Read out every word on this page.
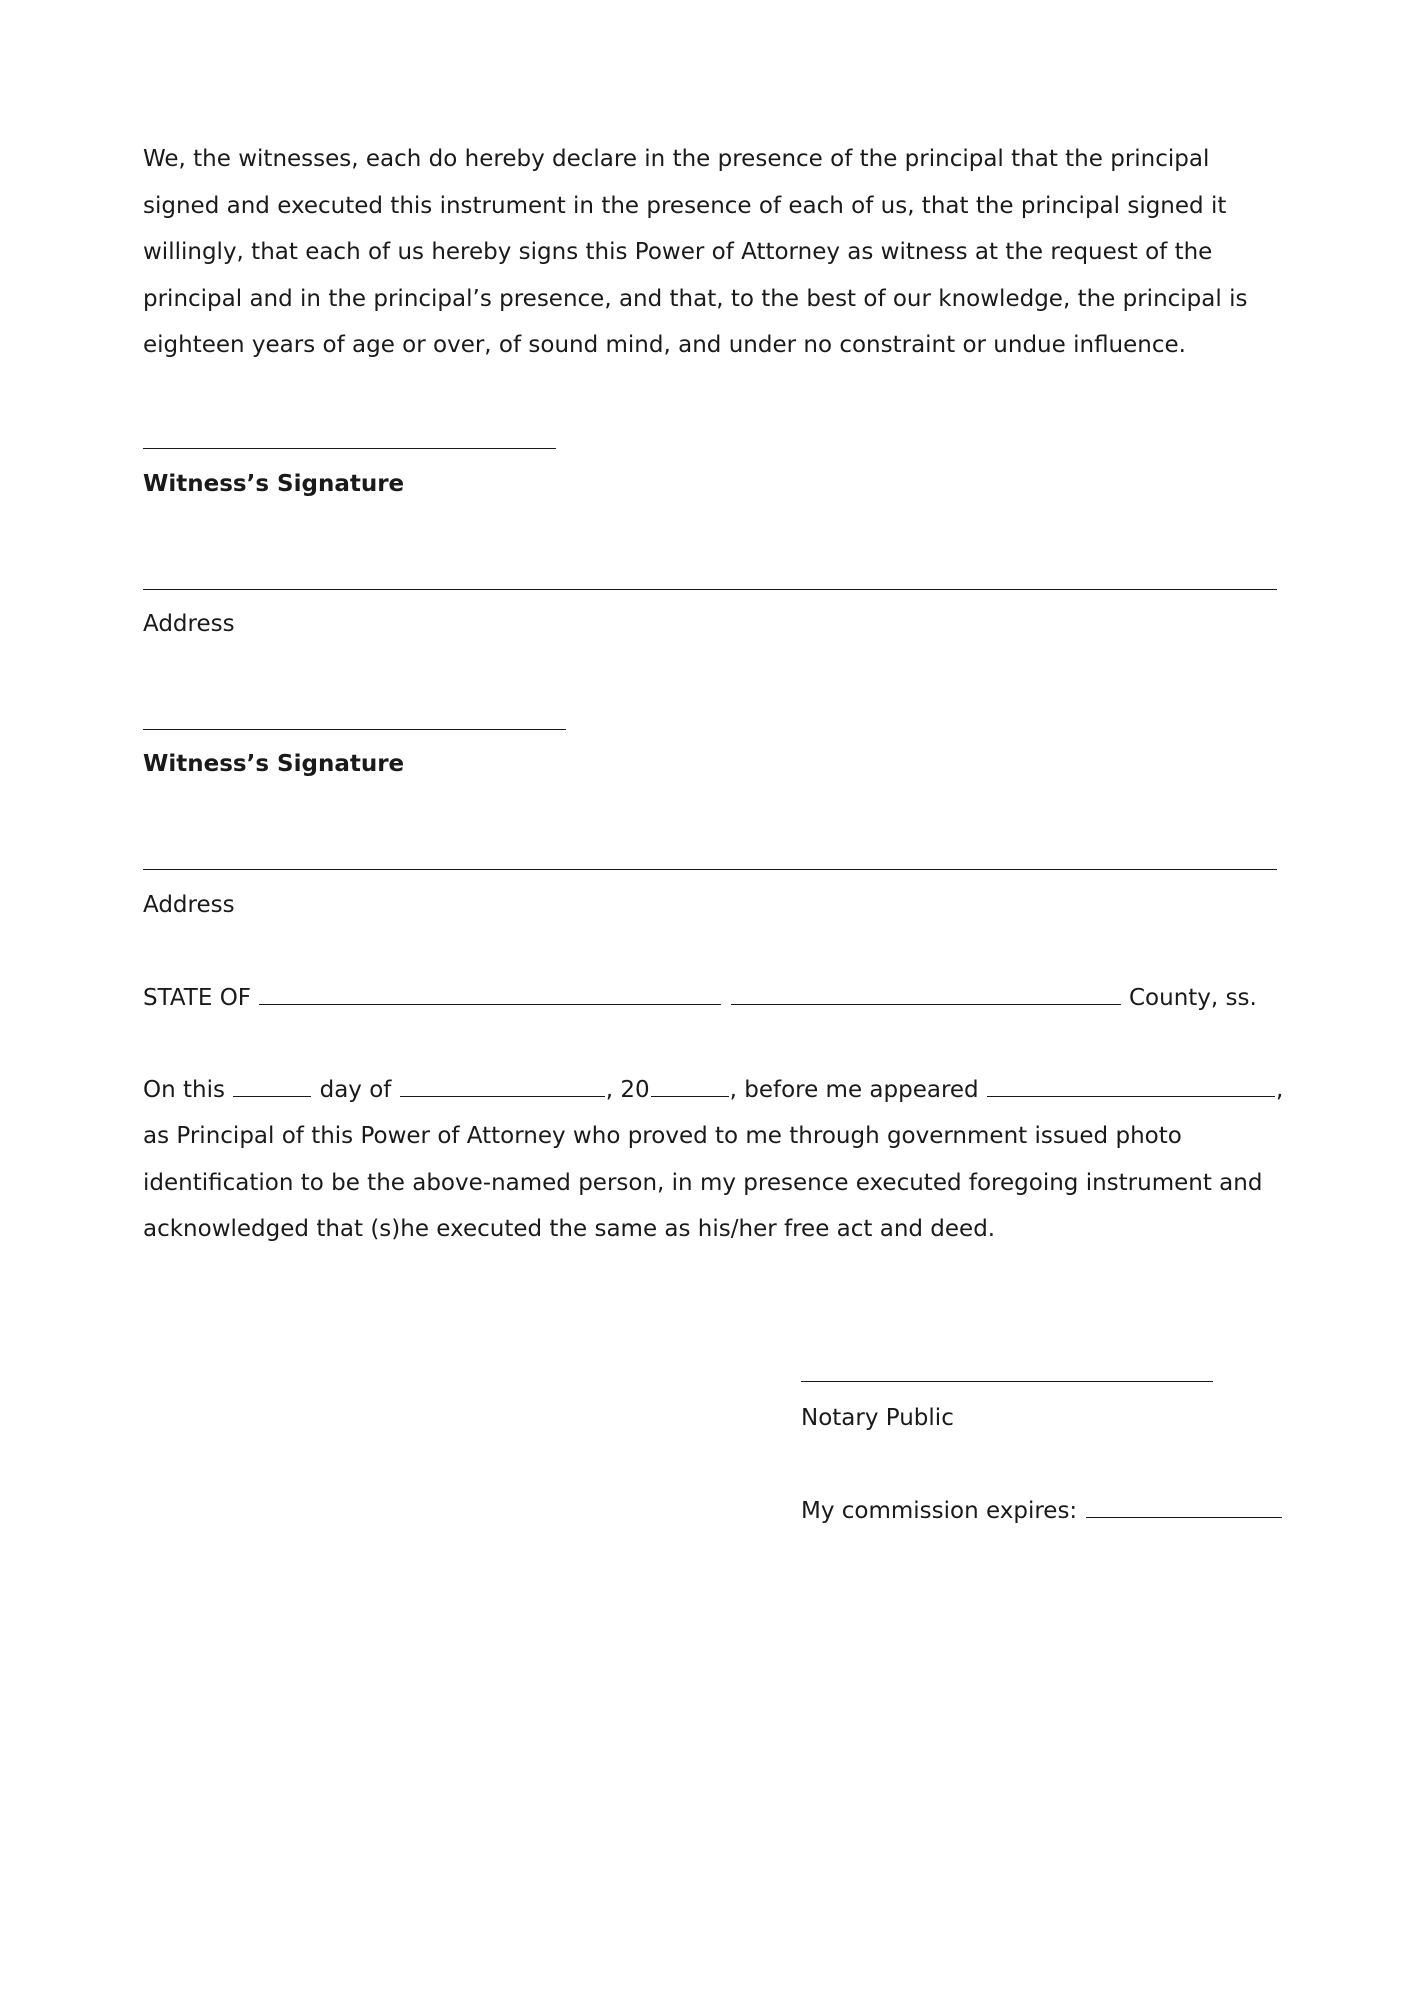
We, the witnesses, each do hereby declare in the presence of the principal that the principal
signed and executed this instrument in the presence of each of us, that the principal signed it
willingly, that each of us hereby signs this Power of Attorney as witness at the request of the
principal and in the principal’s presence, and that, to the best of our knowledge, the principal is
eighteen years of age or over, of sound mind, and under no constraint or undue influence.
Witness’s Signature
Address
Witness’s Signature
Address
STATE OF	County, ss.
On this	day of	, 20	, before me appeared	,
as Principal of this Power of Attorney who proved to me through government issued photo
identification to be the above-named person, in my presence executed foregoing instrument and
acknowledged that (s)he executed the same as his/her free act and deed.
Notary Public
My commission expires:
